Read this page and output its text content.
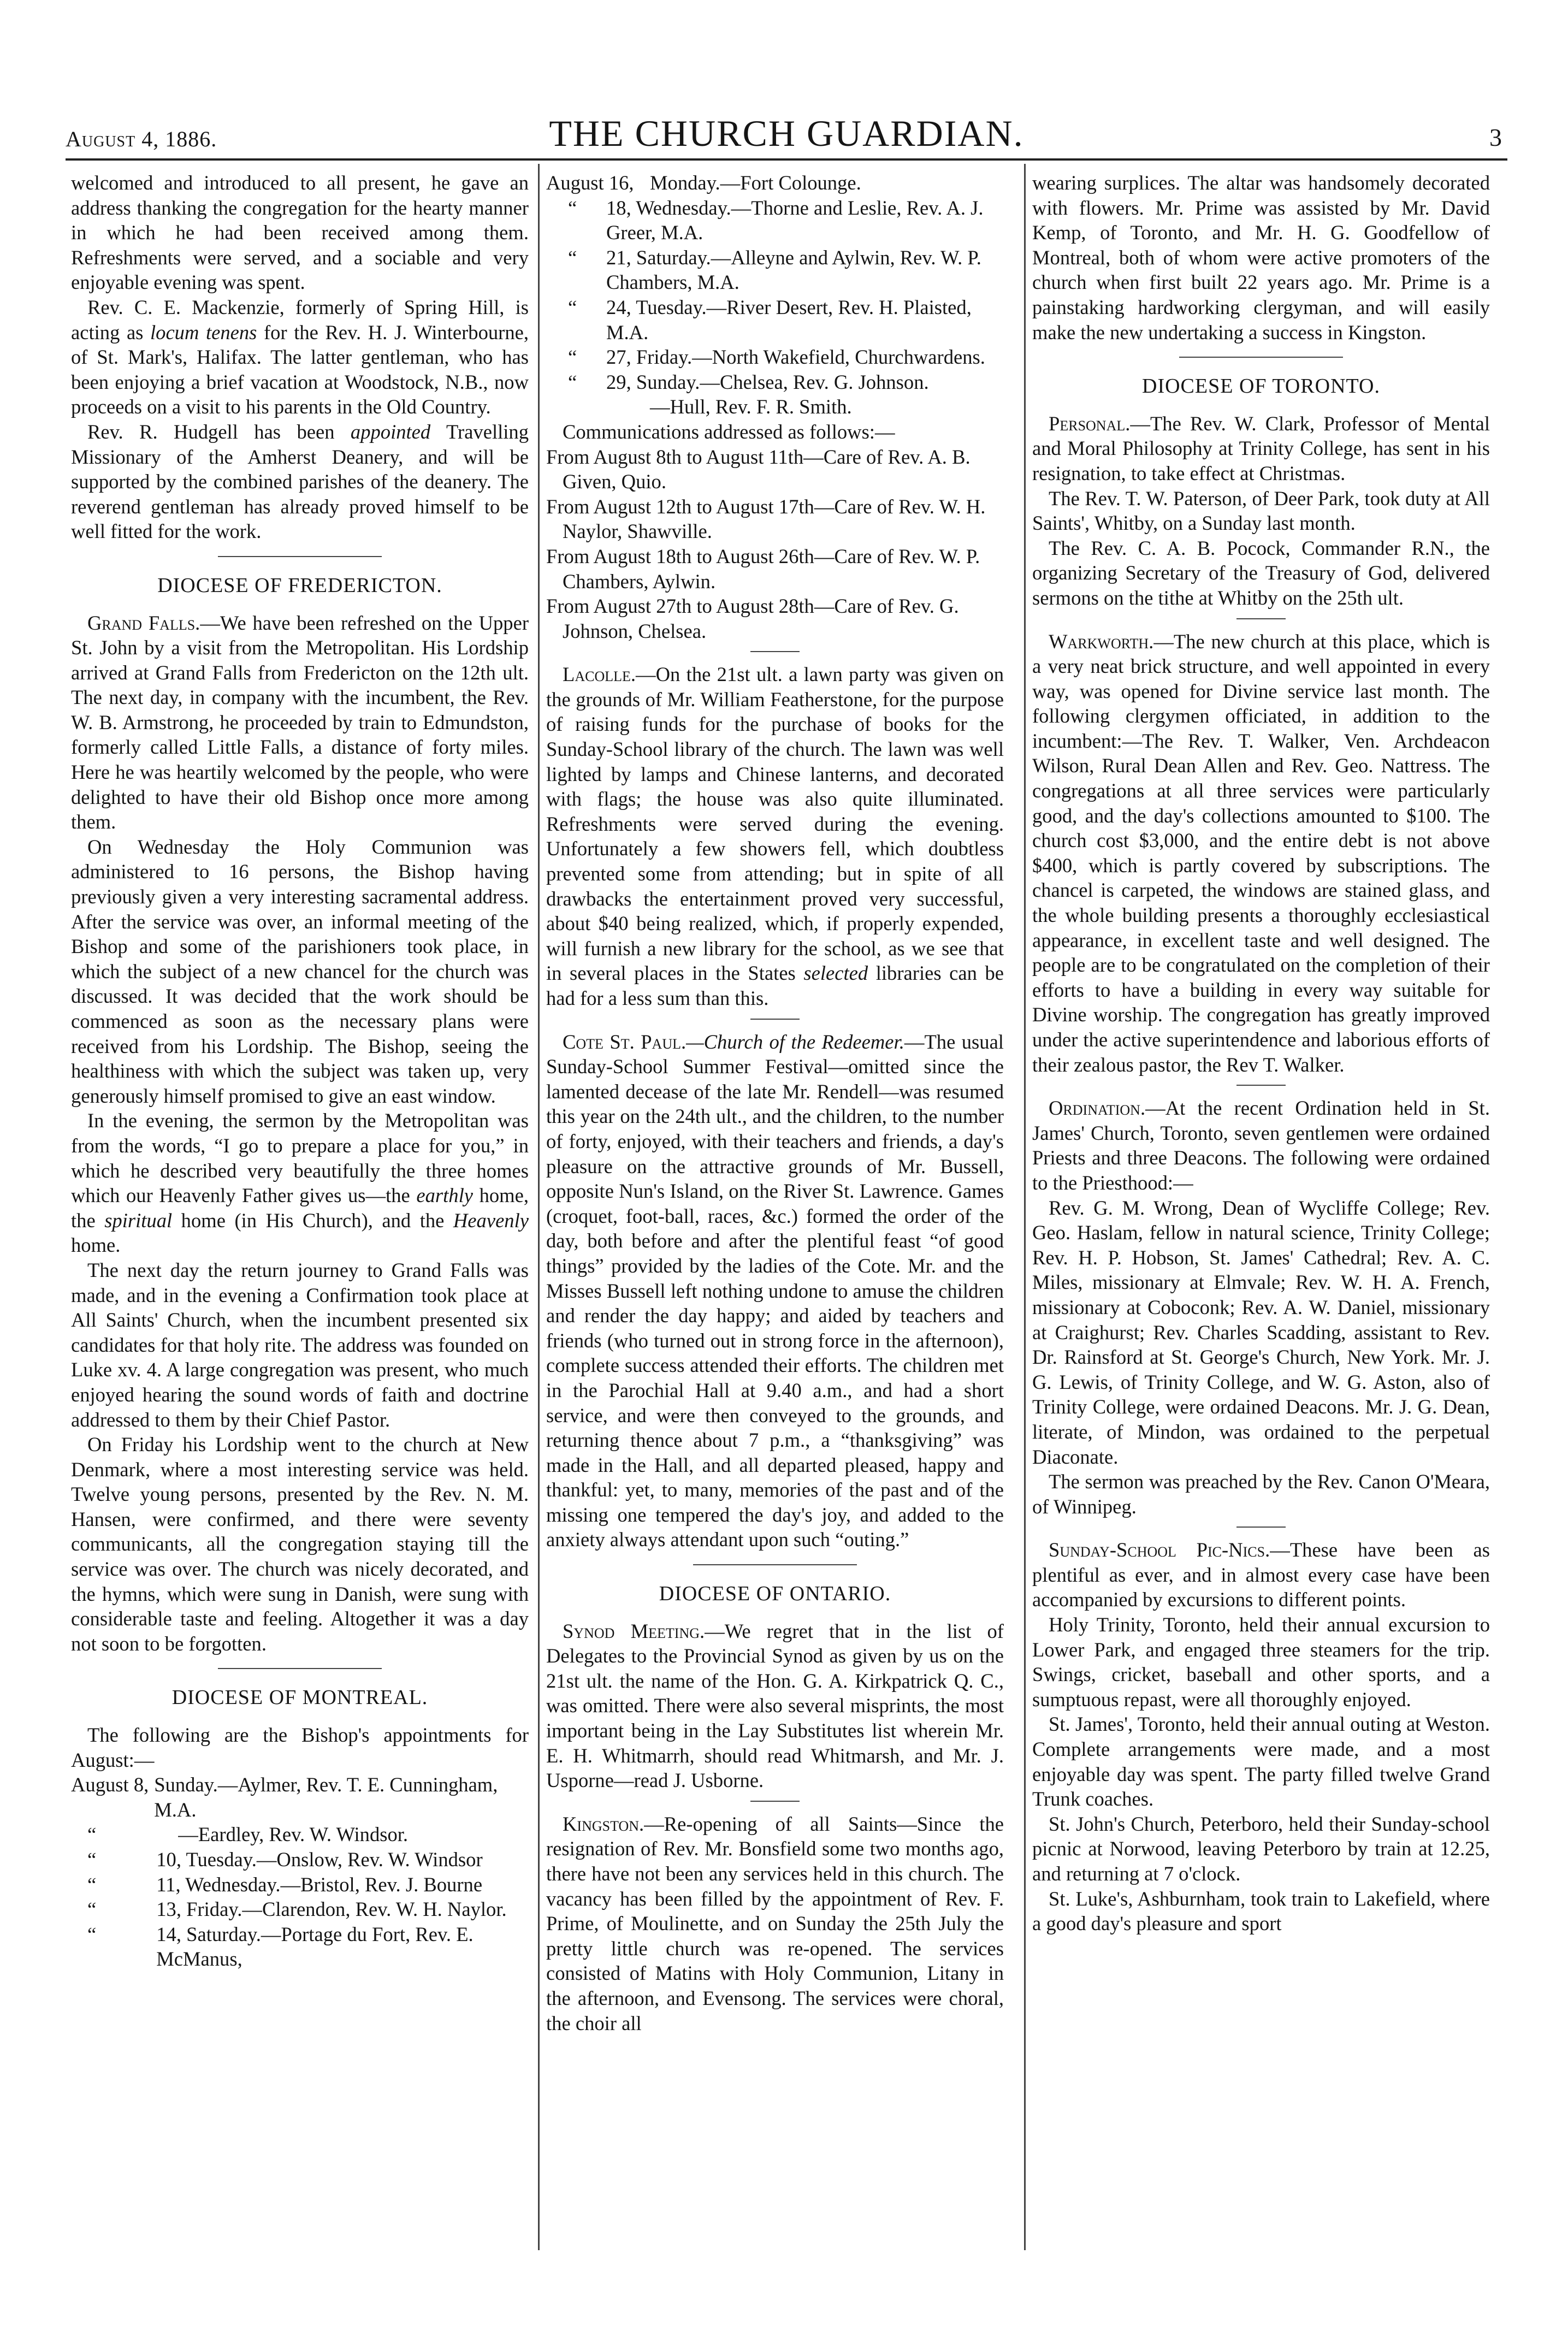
August 4, 1886.	THE CHURCH GUARDIAN.	3

welcomed and introduced to all present, he gave an address thanking the congregation for the hearty manner in which he had been received among them. Refreshments were served, and a sociable and very enjoyable evening was spent.

Rev. C. E. Mackenzie, formerly of Spring Hill, is acting as locum tenens for the Rev. H. J. Winterbourne, of St. Mark's, Halifax. The latter gentleman, who has been enjoying a brief vacation at Woodstock, N.B., now proceeds on a visit to his parents in the Old Country.

Rev. R. Hudgell has been appointed Travelling Missionary of the Amherst Deanery, and will be supported by the combined parishes of the deanery. The reverend gentleman has already proved himself to be well fitted for the work.

DIOCESE OF FREDERICTON.

Grand Falls.—We have been refreshed on the Upper St. John by a visit from the Metropolitan. His Lordship arrived at Grand Falls from Fredericton on the 12th ult. The next day, in company with the incumbent, the Rev. W. B. Armstrong, he proceeded by train to Edmundston, formerly called Little Falls, a distance of forty miles. Here he was heartily welcomed by the people, who were delighted to have their old Bishop once more among them.

On Wednesday the Holy Communion was administered to 16 persons, the Bishop having previously given a very interesting sacramental address. After the service was over, an informal meeting of the Bishop and some of the parishioners took place, in which the subject of a new chancel for the church was discussed. It was decided that the work should be commenced as soon as the necessary plans were received from his Lordship. The Bishop, seeing the healthiness with which the subject was taken up, very generously himself promised to give an east window.

In the evening, the sermon by the Metropolitan was from the words, “I go to prepare a place for you,” in which he described very beautifully the three homes which our Heavenly Father gives us—the earthly home, the spiritual home (in His Church), and the Heavenly home.

The next day the return journey to Grand Falls was made, and in the evening a Confirmation took place at All Saints' Church, when the incumbent presented six candidates for that holy rite. The address was founded on Luke xv. 4. A large congregation was present, who much enjoyed hearing the sound words of faith and doctrine addressed to them by their Chief Pastor.

On Friday his Lordship went to the church at New Denmark, where a most interesting service was held. Twelve young persons, presented by the Rev. N. M. Hansen, were confirmed, and there were seventy communicants, all the congregation staying till the service was over. The church was nicely decorated, and the hymns, which were sung in Danish, were sung with considerable taste and feeling. Altogether it was a day not soon to be forgotten.

DIOCESE OF MONTREAL.

The following are the Bishop's appointments for August:—

August 8, Sunday.—Aylmer, Rev. T. E. Cunningham, M.A.
“	—Eardley, Rev. W. Windsor.
“	10, Tuesday.—Onslow, Rev. W. Windsor
“	11, Wednesday.—Bristol, Rev. J. Bourne
“	13, Friday.—Clarendon, Rev. W. H. Naylor.
“	14, Saturday.—Portage du Fort, Rev. E. McManus,
August 16, Monday.—Fort Colounge.
“	18, Wednesday.—Thorne and Leslie, Rev. A. J. Greer, M.A.
“	21, Saturday.—Alleyne and Aylwin, Rev. W. P. Chambers, M.A.
“	24, Tuesday.—River Desert, Rev. H. Plaisted, M.A.
“	27, Friday.—North Wakefield, Churchwardens.
“	29, Sunday.—Chelsea, Rev. G. Johnson.
—Hull, Rev. F. R. Smith.

Communications addressed as follows:—

From August 8th to August 11th—Care of Rev. A. B. Given, Quio.
From August 12th to August 17th—Care of Rev. W. H. Naylor, Shawville.
From August 18th to August 26th—Care of Rev. W. P. Chambers, Aylwin.
From August 27th to August 28th—Care of Rev. G. Johnson, Chelsea.

Lacolle.—On the 21st ult. a lawn party was given on the grounds of Mr. William Featherstone, for the purpose of raising funds for the purchase of books for the Sunday-School library of the church. The lawn was well lighted by lamps and Chinese lanterns, and decorated with flags; the house was also quite illuminated. Refreshments were served during the evening. Unfortunately a few showers fell, which doubtless prevented some from attending; but in spite of all drawbacks the entertainment proved very successful, about $40 being realized, which, if properly expended, will furnish a new library for the school, as we see that in several places in the States selected libraries can be had for a less sum than this.

Cote St. Paul.—Church of the Redeemer.—The usual Sunday-School Summer Festival—omitted since the lamented decease of the late Mr. Rendell—was resumed this year on the 24th ult., and the children, to the number of forty, enjoyed, with their teachers and friends, a day's pleasure on the attractive grounds of Mr. Bussell, opposite Nun's Island, on the River St. Lawrence. Games (croquet, foot-ball, races, &c.) formed the order of the day, both before and after the plentiful feast “of good things” provided by the ladies of the Cote. Mr. and the Misses Bussell left nothing undone to amuse the children and render the day happy; and aided by teachers and friends (who turned out in strong force in the afternoon), complete success attended their efforts. The children met in the Parochial Hall at 9.40 a.m., and had a short service, and were then conveyed to the grounds, and returning thence about 7 p.m., a “thanksgiving” was made in the Hall, and all departed pleased, happy and thankful: yet, to many, memories of the past and of the missing one tempered the day's joy, and added to the anxiety always attendant upon such “outing.”

DIOCESE OF ONTARIO.

Synod Meeting.—We regret that in the list of Delegates to the Provincial Synod as given by us on the 21st ult. the name of the Hon. G. A. Kirkpatrick Q. C., was omitted. There were also several misprints, the most important being in the Lay Substitutes list wherein Mr. E. H. Whitmarrh, should read Whitmarsh, and Mr. J. Usporne—read J. Usborne.

Kingston.—Re-opening of all Saints—Since the resignation of Rev. Mr. Bonsfield some two months ago, there have not been any services held in this church. The vacancy has been filled by the appointment of Rev. F. Prime, of Moulinette, and on Sunday the 25th July the pretty little church was re-opened. The services consisted of Matins with Holy Communion, Litany in the afternoon, and Evensong. The services were choral, the choir all

wearing surplices. The altar was handsomely decorated with flowers. Mr. Prime was assisted by Mr. David Kemp, of Toronto, and Mr. H. G. Goodfellow of Montreal, both of whom were active promoters of the church when first built 22 years ago. Mr. Prime is a painstaking hardworking clergyman, and will easily make the new undertaking a success in Kingston.

DIOCESE OF TORONTO.

Personal.—The Rev. W. Clark, Professor of Mental and Moral Philosophy at Trinity College, has sent in his resignation, to take effect at Christmas.

The Rev. T. W. Paterson, of Deer Park, took duty at All Saints', Whitby, on a Sunday last month.

The Rev. C. A. B. Pocock, Commander R.N., the organizing Secretary of the Treasury of God, delivered sermons on the tithe at Whitby on the 25th ult.

Warkworth.—The new church at this place, which is a very neat brick structure, and well appointed in every way, was opened for Divine service last month. The following clergymen officiated, in addition to the incumbent:—The Rev. T. Walker, Ven. Archdeacon Wilson, Rural Dean Allen and Rev. Geo. Nattress. The congregations at all three services were particularly good, and the day's collections amounted to $100. The church cost $3,000, and the entire debt is not above $400, which is partly covered by subscriptions. The chancel is carpeted, the windows are stained glass, and the whole building presents a thoroughly ecclesiastical appearance, in excellent taste and well designed. The people are to be congratulated on the completion of their efforts to have a building in every way suitable for Divine worship. The congregation has greatly improved under the active superintendence and laborious efforts of their zealous pastor, the Rev T. Walker.

Ordination.—At the recent Ordination held in St. James' Church, Toronto, seven gentlemen were ordained Priests and three Deacons. The following were ordained to the Priesthood:—

Rev. G. M. Wrong, Dean of Wycliffe College; Rev. Geo. Haslam, fellow in natural science, Trinity College; Rev. H. P. Hobson, St. James' Cathedral; Rev. A. C. Miles, missionary at Elmvale; Rev. W. H. A. French, missionary at Coboconk; Rev. A. W. Daniel, missionary at Craighurst; Rev. Charles Scadding, assistant to Rev. Dr. Rainsford at St. George's Church, New York. Mr. J. G. Lewis, of Trinity College, and W. G. Aston, also of Trinity College, were ordained Deacons. Mr. J. G. Dean, literate, of Mindon, was ordained to the perpetual Diaconate.

The sermon was preached by the Rev. Canon O'Meara, of Winnipeg.

Sunday-School Pic-Nics.—These have been as plentiful as ever, and in almost every case have been accompanied by excursions to different points.

Holy Trinity, Toronto, held their annual excursion to Lower Park, and engaged three steamers for the trip. Swings, cricket, baseball and other sports, and a sumptuous repast, were all thoroughly enjoyed.

St. James', Toronto, held their annual outing at Weston. Complete arrangements were made, and a most enjoyable day was spent. The party filled twelve Grand Trunk coaches.

St. John's Church, Peterboro, held their Sunday-school picnic at Norwood, leaving Peterboro by train at 12.25, and returning at 7 o'clock.

St. Luke's, Ashburnham, took train to Lakefield, where a good day's pleasure and sport
